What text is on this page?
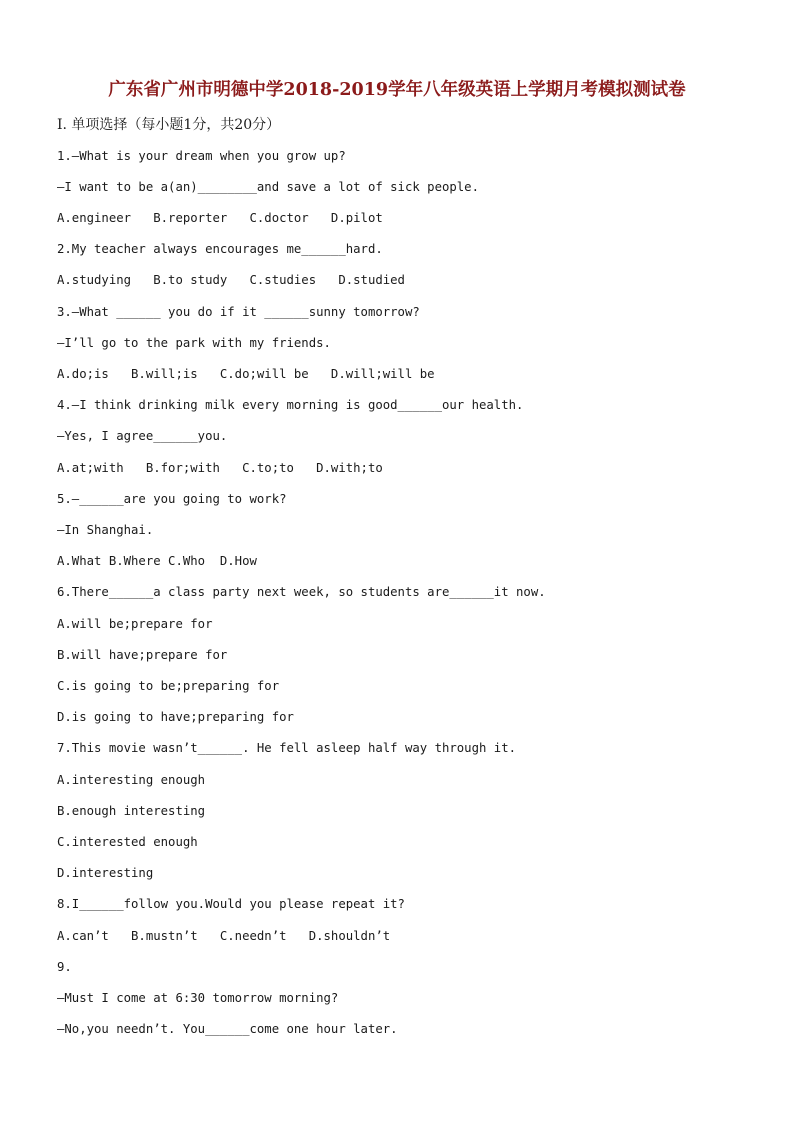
广东省广州市明德中学2018-2019学年八年级英语上学期月考模拟测试卷
I. 单项选择（每小题1分，共20分）
1.—What is your dream when you grow up?
—I want to be a(an)________and save a lot of sick people.
A.engineer   B.reporter   C.doctor   D.pilot
2.My teacher always encourages me______hard.
A.studying   B.to study   C.studies   D.studied
3.—What ______ you do if it ______sunny tomorrow?
—I’ll go to the park with my friends.
A.do;is   B.will;is   C.do;will be   D.will;will be
4.—I think drinking milk every morning is good______our health.
—Yes, I agree______you.
A.at;with   B.for;with   C.to;to   D.with;to
5.—______are you going to work?
—In Shanghai.
A.What B.Where C.Who  D.How
6.There______a class party next week, so students are______it now.
A.will be;prepare for
B.will have;prepare for
C.is going to be;preparing for
D.is going to have;preparing for
7.This movie wasn’t______. He fell asleep half way through it.
A.interesting enough
B.enough interesting
C.interested enough
D.interesting
8.I______follow you.Would you please repeat it?
A.can’t   B.mustn’t   C.needn’t   D.shouldn’t
9.
—Must I come at 6:30 tomorrow morning?
—No,you needn’t. You______come one hour later.
